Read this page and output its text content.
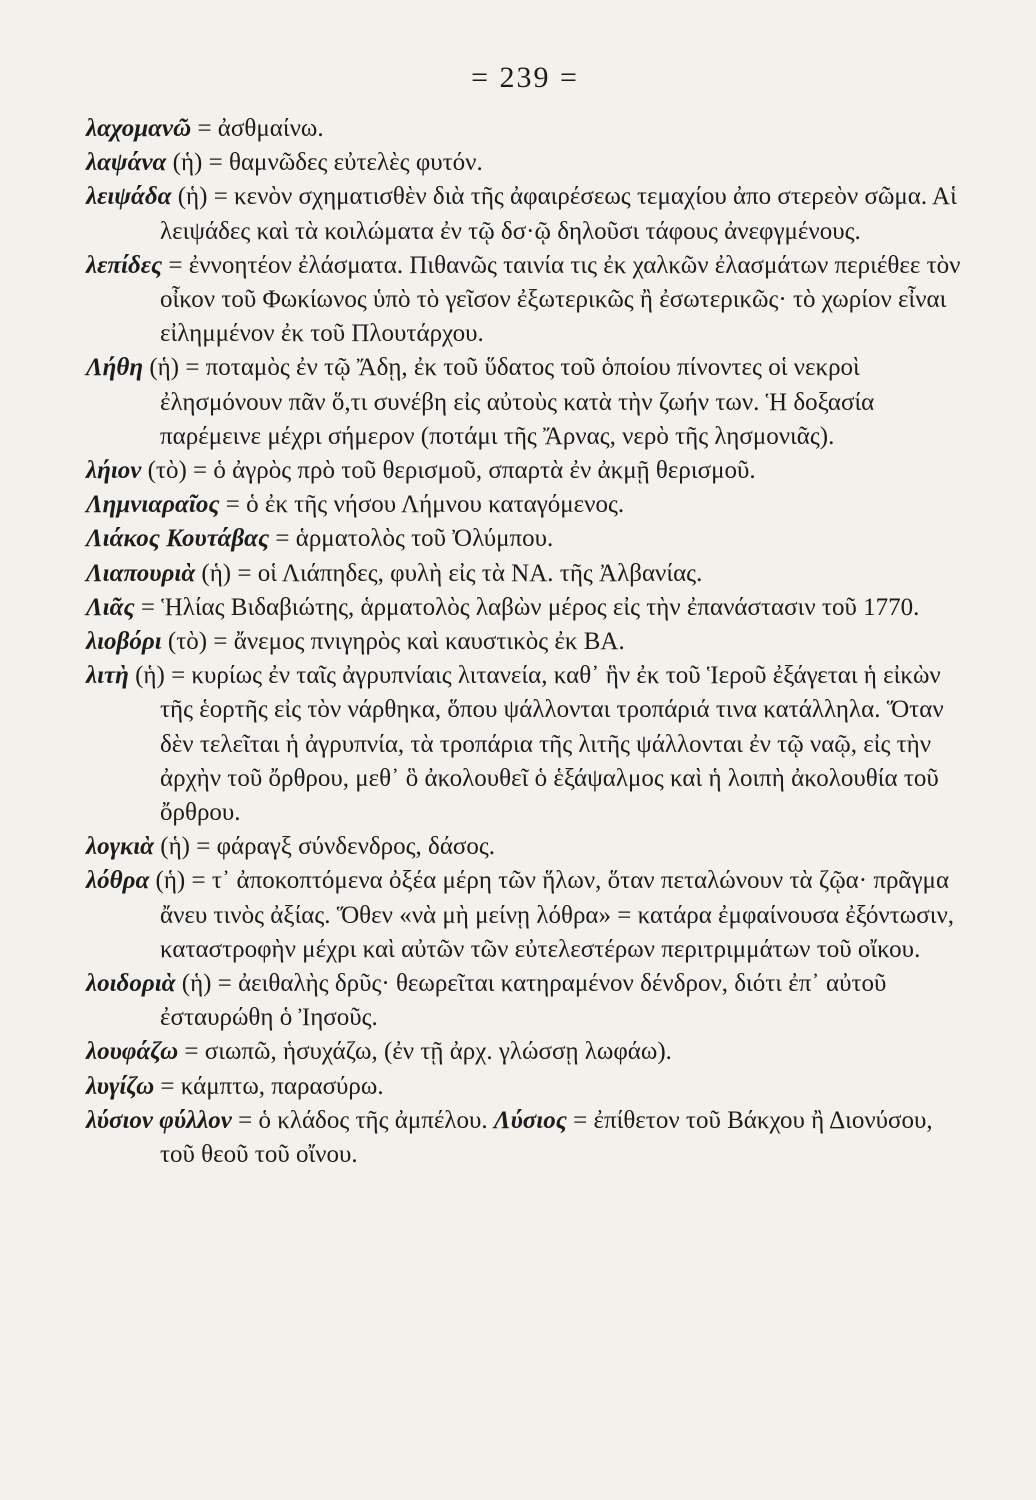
= 239 =

λαχομανῶ = ἀσθμαίνω.

λαψάνα (ἡ) = θαμνῶδες εὐτελὲς φυτόν.

λειψάδα (ἡ) = κενὸν σχηματισθὲν διὰ τῆς ἀφαιρέσεως τεμαχίου ἀπο στερεὸν σῶμα. Αἱ λειψάδες καὶ τὰ κοιλώματα ἐν τῷ δσ·ῷ δηλοῦσι τάφους ἀνεφγμένους.

λεπίδες = ἐννοητέον ἐλάσματα. Πιθανῶς ταινία τις ἐκ χαλκῶν ἐλασμάτων περιέθεε τὸν οἶκον τοῦ Φωκίωνος ὑπὸ τὸ γεῖσον ἐξωτερικῶς ἢ ἐσωτερικῶς· τὸ χωρίον εἶναι εἰλημμένον ἐκ τοῦ Πλουτάρχου.

Λήθη (ἡ) = ποταμὸς ἐν τῷ Ἄδῃ, ἐκ τοῦ ὕδατος τοῦ ὁποίου πίνοντες οἱ νεκροὶ ἐλησμόνουν πᾶν ὅ,τι συνέβη εἰς αὐτοὺς κατὰ τὴν ζωήν των. Ἡ δοξασία παρέμεινε μέχρι σήμερον (ποτάμι τῆς Ἄρνας, νερὸ τῆς λησμονιᾶς).

λήιον (τὸ) = ὁ ἀγρὸς πρὸ τοῦ θερισμοῦ, σπαρτὰ ἐν ἀκμῇ θερισμοῦ.

Λημνιαραῖος = ὁ ἐκ τῆς νήσου Λήμνου καταγόμενος.

Λιάκος Κουτάβας = ἁρματολὸς τοῦ Ὀλύμπου.

Λιαπουριὰ (ἡ) = οἱ Λιάπηδες, φυλὴ εἰς τὰ ΝΑ. τῆς Ἀλβανίας.

Λιᾶς = Ἡλίας Βιδαβιώτης, ἁρματολὸς λαβὼν μέρος εἰς τὴν ἐπανάστασιν τοῦ 1770.

λιοβόρι (τὸ) = ἄνεμος πνιγηρὸς καὶ καυστικὸς ἐκ ΒΑ.

λιτὴ (ἡ) = κυρίως ἐν ταῖς ἀγρυπνίαις λιτανεία, καθ᾿ ἣν ἐκ τοῦ Ἱεροῦ ἐξάγεται ἡ εἰκὼν τῆς ἑορτῆς εἰς τὸν νάρθηκα, ὅπου ψάλλονται τροπάριά τινα κατάλληλα. Ὅταν δὲν τελεῖται ἡ ἀγρυπνία, τὰ τροπάρια τῆς λιτῆς ψάλλονται ἐν τῷ ναῷ, εἰς τὴν ἀρχὴν τοῦ ὄρθρου, μεθ᾿ ὃ ἀκολουθεῖ ὁ ἑξάψαλμος καὶ ἡ λοιπὴ ἀκολουθία τοῦ ὄρθρου.

λογκιὰ (ἡ) = φάραγξ σύνδενδρος, δάσος.

λόθρα (ἡ) = τ᾿ ἀποκοπτόμενα ὀξέα μέρη τῶν ἥλων, ὅταν πεταλώνουν τὰ ζῷα· πρᾶγμα ἄνευ τινὸς ἀξίας. Ὅθεν «νὰ μὴ μείνῃ λόθρα» = κατάρα ἐμφαίνουσα ἐξόντωσιν, καταστροφὴν μέχρι καὶ αὐτῶν τῶν εὐτελεστέρων περιτριμμάτων τοῦ οἴκου.

λοιδοριὰ (ἡ) = ἀειθαλὴς δρῦς· θεωρεῖται κατηραμένον δένδρον, διότι ἐπ᾿ αὐτοῦ ἐσταυρώθη ὁ Ἰησοῦς.

λουφάζω = σιωπῶ, ἡσυχάζω, (ἐν τῇ ἀρχ. γλώσσῃ λωφάω).

λυγίζω = κάμπτω, παρασύρω.

λύσιον φύλλον = ὁ κλάδος τῆς ἀμπέλου. Λύσιος = ἐπίθετον τοῦ Βάκχου ἢ Διονύσου, τοῦ θεοῦ τοῦ οἴνου.
